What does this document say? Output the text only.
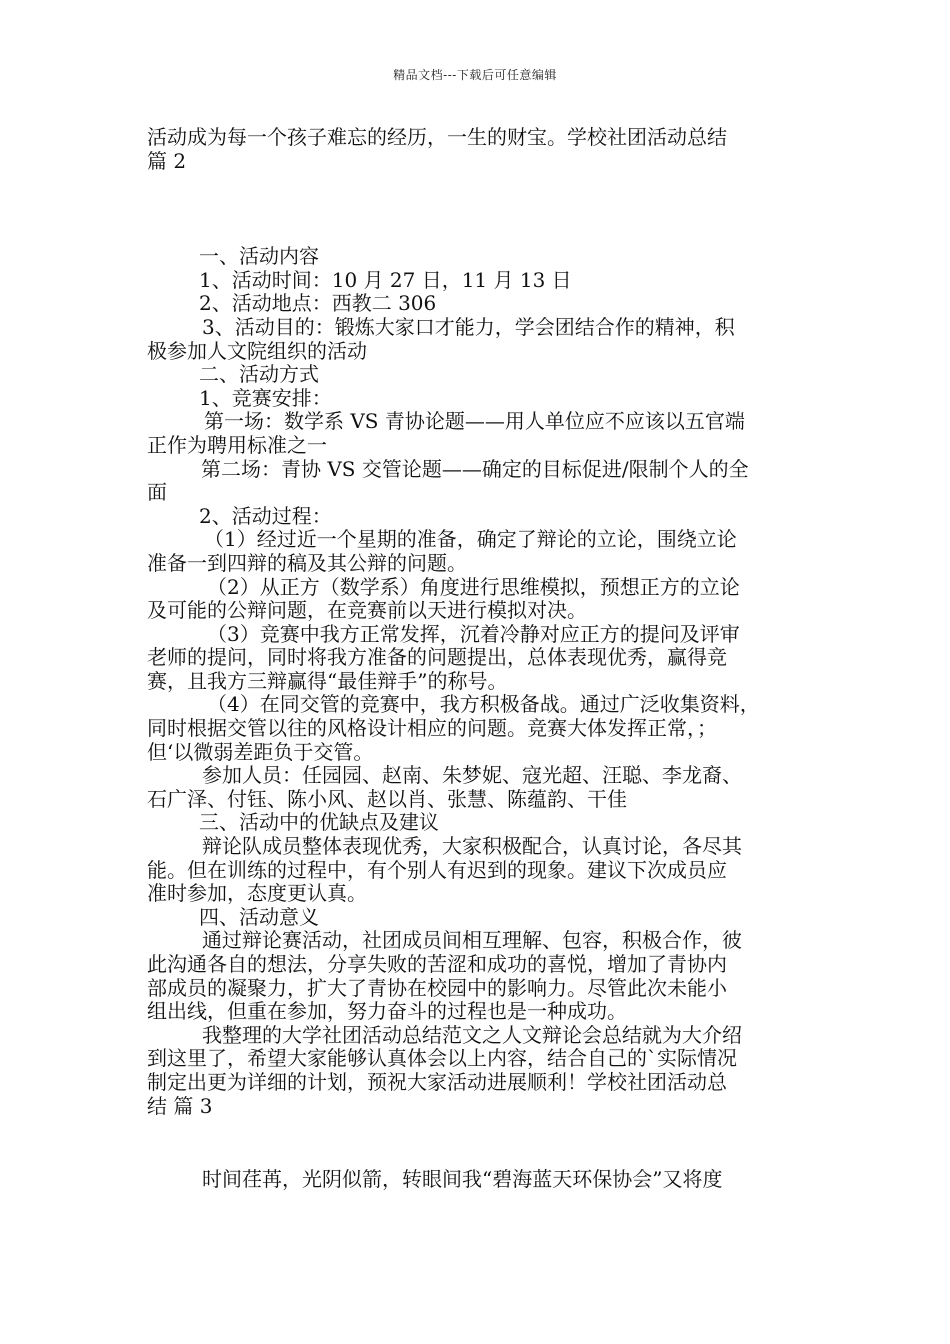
精品文档---下载后可任意编辑
活动成为每一个孩子难忘的经历，一生的财宝。学校社团活动总结
篇 2
一、活动内容
1、活动时间：10 月 27 日，11 月 13 日
2、活动地点：西教二 306
3、活动目的：锻炼大家口才能力，学会团结合作的精神，积
极参加人文院组织的活动
二、活动方式
1、竞赛安排：
第一场：数学系 VS 青协论题——用人单位应不应该以五官端
正作为聘用标准之一
第二场：青协 VS 交管论题——确定的目标促进/限制个人的全
面
2、活动过程：
（1）经过近一个星期的准备，确定了辩论的立论，围绕立论
准备一到四辩的稿及其公辩的问题。
（2）从正方（数学系）角度进行思维模拟，预想正方的立论
及可能的公辩问题，在竞赛前以天进行模拟对决。
（3）竞赛中我方正常发挥，沉着冷静对应正方的提问及评审
老师的提问，同时将我方准备的问题提出，总体表现优秀，赢得竞
赛，且我方三辩赢得“最佳辩手”的称号。
（4）在同交管的竞赛中，我方积极备战。通过广泛收集资料，
同时根据交管以往的风格设计相应的问题。竞赛大体发挥正常，；
但‘以微弱差距负于交管。
参加人员：任园园、赵南、朱梦妮、寇光超、汪聪、李龙裔、
石广泽、付钰、陈小风、赵以肖、张慧、陈蕴韵、干佳
三、活动中的优缺点及建议
辩论队成员整体表现优秀，大家积极配合，认真讨论，各尽其
能。但在训练的过程中，有个别人有迟到的现象。建议下次成员应
准时参加，态度更认真。
四、活动意义
通过辩论赛活动，社团成员间相互理解、包容，积极合作，彼
此沟通各自的想法，分享失败的苦涩和成功的喜悦，增加了青协内
部成员的凝聚力，扩大了青协在校园中的影响力。尽管此次未能小
组出线，但重在参加，努力奋斗的过程也是一种成功。
我整理的大学社团活动总结范文之人文辩论会总结就为大介绍
到这里了，希望大家能够认真体会以上内容，结合自己的`实际情况
制定出更为详细的计划，预祝大家活动进展顺利！学校社团活动总
结 篇 3
时间荏苒，光阴似箭，转眼间我“碧海蓝天环保协会”又将度
